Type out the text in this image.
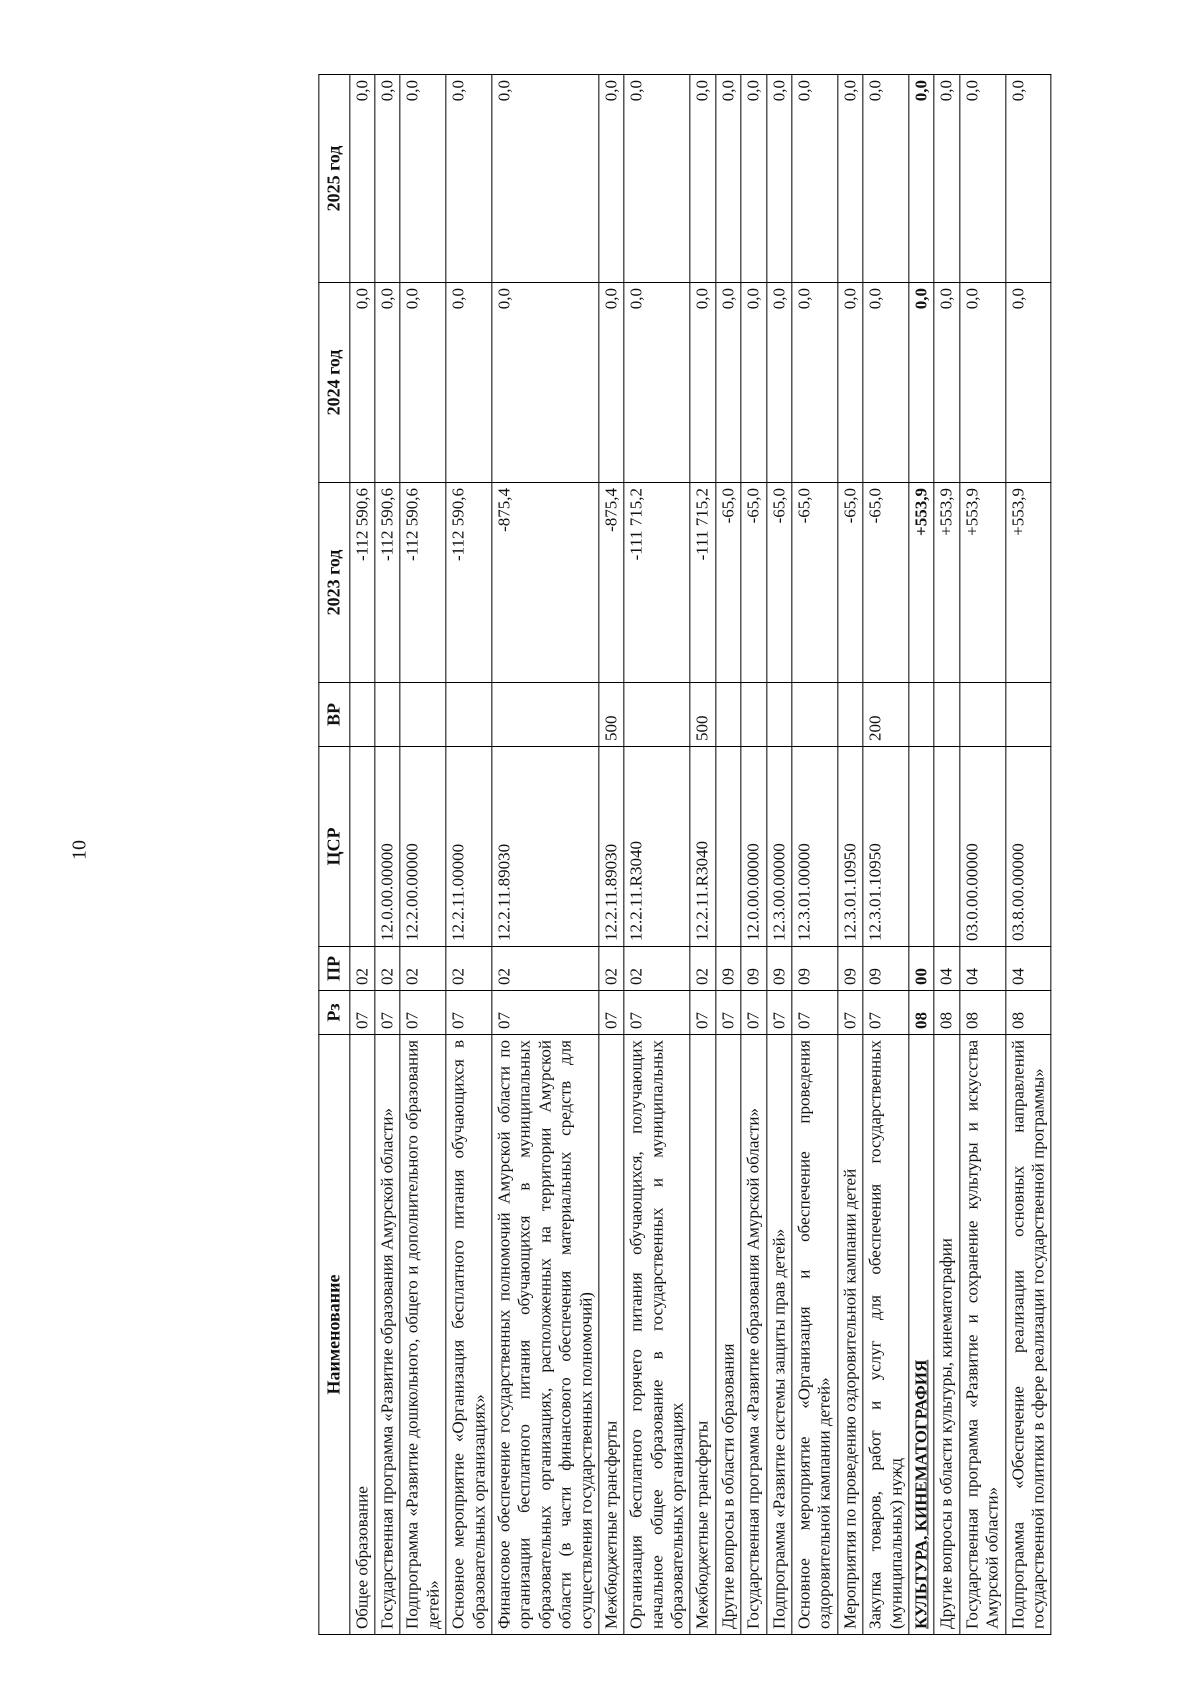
10
Наименование	Рз	ПР	ЦСР	ВР	2023 год	2024 год	2025 год
Общее образование	07	02			-112 590,6	0,0	0,0
Государственная программа «Развитие образования Амурской области»	07	02	12.0.00.00000		-112 590,6	0,0	0,0
Подпрограмма «Развитие дошкольного, общего и дополнительного образования детей»	07	02	12.2.00.00000		-112 590,6	0,0	0,0
Основное мероприятие «Организация бесплатного питания обучающихся в образовательных организациях»	07	02	12.2.11.00000		-112 590,6	0,0	0,0
Финансовое обеспечение государственных полномочий Амурской области по организации бесплатного питания обучающихся в муниципальных образовательных организациях, расположенных на территории Амурской области (в части финансового обеспечения материальных средств для осуществления государственных полномочий)	07	02	12.2.11.89030		-875,4	0,0	0,0
Межбюджетные трансферты	07	02	12.2.11.89030	500	-875,4	0,0	0,0
Организация бесплатного горячего питания обучающихся, получающих начальное общее образование в государственных и муниципальных образовательных организациях	07	02	12.2.11.R3040		-111 715,2	0,0	0,0
Межбюджетные трансферты	07	02	12.2.11.R3040	500	-111 715,2	0,0	0,0
Другие вопросы в области образования	07	09			-65,0	0,0	0,0
Государственная программа «Развитие образования Амурской области»	07	09	12.0.00.00000		-65,0	0,0	0,0
Подпрограмма «Развитие системы защиты прав детей»	07	09	12.3.00.00000		-65,0	0,0	0,0
Основное мероприятие «Организация и обеспечение проведения оздоровительной кампании детей»	07	09	12.3.01.00000		-65,0	0,0	0,0
Мероприятия по проведению оздоровительной кампании детей	07	09	12.3.01.10950		-65,0	0,0	0,0
Закупка товаров, работ и услуг для обеспечения государственных (муниципальных) нужд	07	09	12.3.01.10950	200	-65,0	0,0	0,0
КУЛЬТУРА, КИНЕМАТОГРАФИЯ	08	00			+553,9	0,0	0,0
Другие вопросы в области культуры, кинематографии	08	04			+553,9	0,0	0,0
Государственная программа «Развитие и сохранение культуры и искусства Амурской области»	08	04	03.0.00.00000		+553,9	0,0	0,0
Подпрограмма «Обеспечение реализации основных направлений государственной политики в сфере реализации государственной программы»	08	04	03.8.00.00000		+553,9	0,0	0,0
